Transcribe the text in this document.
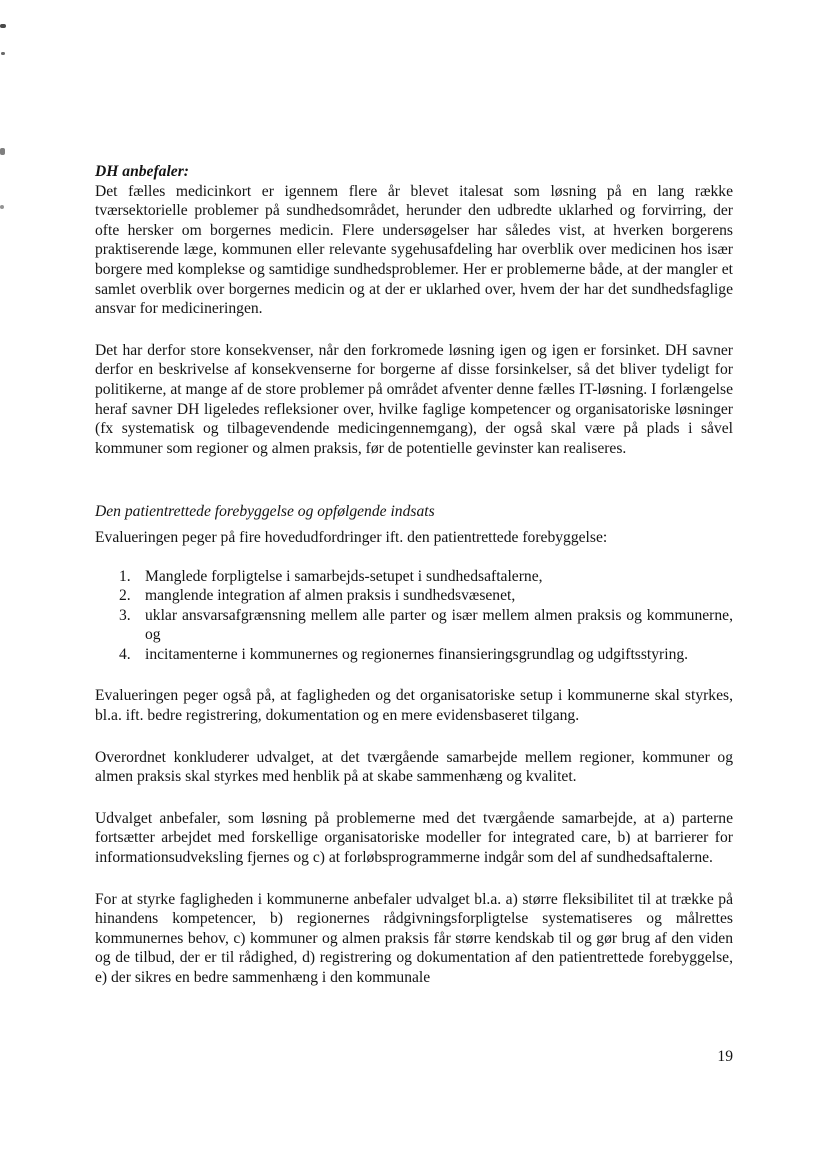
DH anbefaler:

Det fælles medicinkort er igennem flere år blevet italesat som løsning på en lang række tværsektorielle problemer på sundhedsområdet, herunder den udbredte uklarhed og forvirring, der ofte hersker om borgernes medicin. Flere undersøgelser har således vist, at hverken borgerens praktiserende læge, kommunen eller relevante sygehusafdeling har overblik over medicinen hos især borgere med komplekse og samtidige sundhedsproblemer. Her er problemerne både, at der mangler et samlet overblik over borgernes medicin og at der er uklarhed over, hvem der har det sundhedsfaglige ansvar for medicineringen.

Det har derfor store konsekvenser, når den forkromede løsning igen og igen er forsinket. DH savner derfor en beskrivelse af konsekvenserne for borgerne af disse forsinkelser, så det bliver tydeligt for politikerne, at mange af de store problemer på området afventer denne fælles IT-løsning. I forlængelse heraf savner DH ligeledes refleksioner over, hvilke faglige kompetencer og organisatoriske løsninger (fx systematisk og tilbagevendende medicingennemgang), der også skal være på plads i såvel kommuner som regioner og almen praksis, før de potentielle gevinster kan realiseres.

Den patientrettede forebyggelse og opfølgende indsats

Evalueringen peger på fire hovedudfordringer ift. den patientrettede forebyggelse:

1. Manglede forpligtelse i samarbejds-setupet i sundhedsaftalerne,
2. manglende integration af almen praksis i sundhedsvæsenet,
3. uklar ansvarsafgrænsning mellem alle parter og især mellem almen praksis og kommunerne, og
4. incitamenterne i kommunernes og regionernes finansieringsgrundlag og udgiftsstyring.

Evalueringen peger også på, at fagligheden og det organisatoriske setup i kommunerne skal styrkes, bl.a. ift. bedre registrering, dokumentation og en mere evidensbaseret tilgang.

Overordnet konkluderer udvalget, at det tværgående samarbejde mellem regioner, kommuner og almen praksis skal styrkes med henblik på at skabe sammenhæng og kvalitet.

Udvalget anbefaler, som løsning på problemerne med det tværgående samarbejde, at a) parterne fortsætter arbejdet med forskellige organisatoriske modeller for integrated care, b) at barrierer for informationsudveksling fjernes og c) at forløbsprogrammerne indgår som del af sundhedsaftalerne.

For at styrke fagligheden i kommunerne anbefaler udvalget bl.a. a) større fleksibilitet til at trække på hinandens kompetencer, b) regionernes rådgivningsforpligtelse systematiseres og målrettes kommunernes behov, c) kommuner og almen praksis får større kendskab til og gør brug af den viden og de tilbud, der er til rådighed, d) registrering og dokumentation af den patientrettede forebyggelse, e) der sikres en bedre sammenhæng i den kommunale

19
